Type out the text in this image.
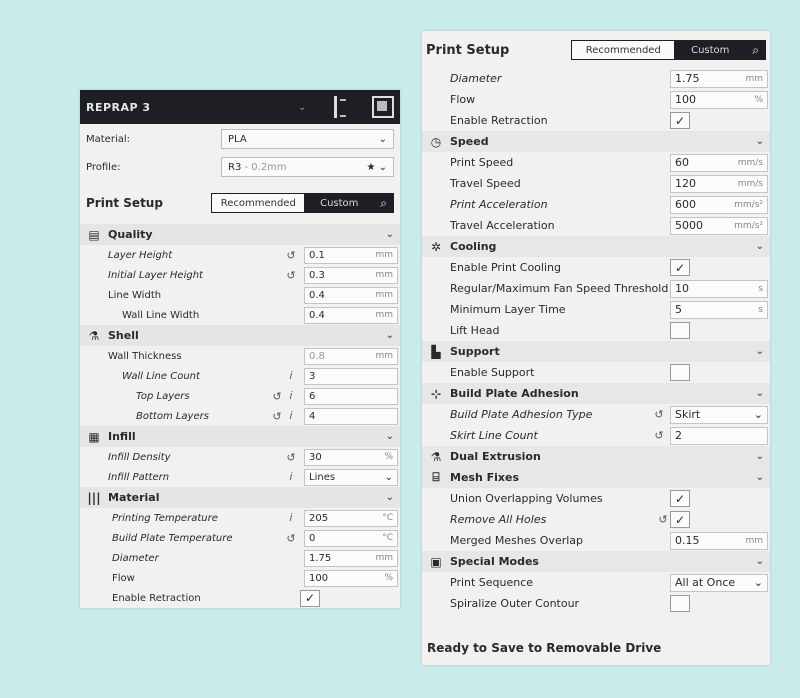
REPRAP 3	⌄
Material:	PLA	⌄
Profile:	R3 - 0.2mm	★ ⌄
Print Setup	Recommended	Custom	⌕
▤ Quality	⌄
Layer Height	↺ 0.1	mm
Initial Layer Height	↺ 0.3	mm
Line Width	0.4	mm
Wall Line Width	0.4	mm
⚗ Shell	⌄
Wall Thickness	0.8	mm
Wall Line Count	𝑖	3
Top Layers	↺ 𝑖	6
Bottom Layers	↺ 𝑖	4
▦ Infill	⌄
Infill Density	↺ 30	%
Infill Pattern	𝑖	Lines	⌄
||| Material	⌄
Printing Temperature	𝑖	205	°C
Build Plate Temperature	↺ 0	°C
Diameter	1.75	mm
Flow	100	%
Enable Retraction	✓
Print Setup	Recommended	Custom	⌕
Diameter	1.75	mm
Flow	100	%
Enable Retraction	✓
◷ Speed	⌄
Print Speed	60	mm/s
Travel Speed	120	mm/s
Print Acceleration	600	mm/s²
Travel Acceleration	5000	mm/s²
✲ Cooling	⌄
Enable Print Cooling	✓
Regular/Maximum Fan Speed Threshold 10	s
Minimum Layer Time	5	s
Lift Head
▙ Support	⌄
Enable Support
⊹ Build Plate Adhesion	⌄
Build Plate Adhesion Type	↺ Skirt	⌄
Skirt Line Count	↺ 2
⚗ Dual Extrusion	⌄
⌸ Mesh Fixes	⌄
Union Overlapping Volumes	✓
Remove All Holes	↺ ✓
Merged Meshes Overlap	0.15	mm
▣ Special Modes	⌄
Print Sequence	All at Once ⌄
Spiralize Outer Contour
Ready to Save to Removable Drive
